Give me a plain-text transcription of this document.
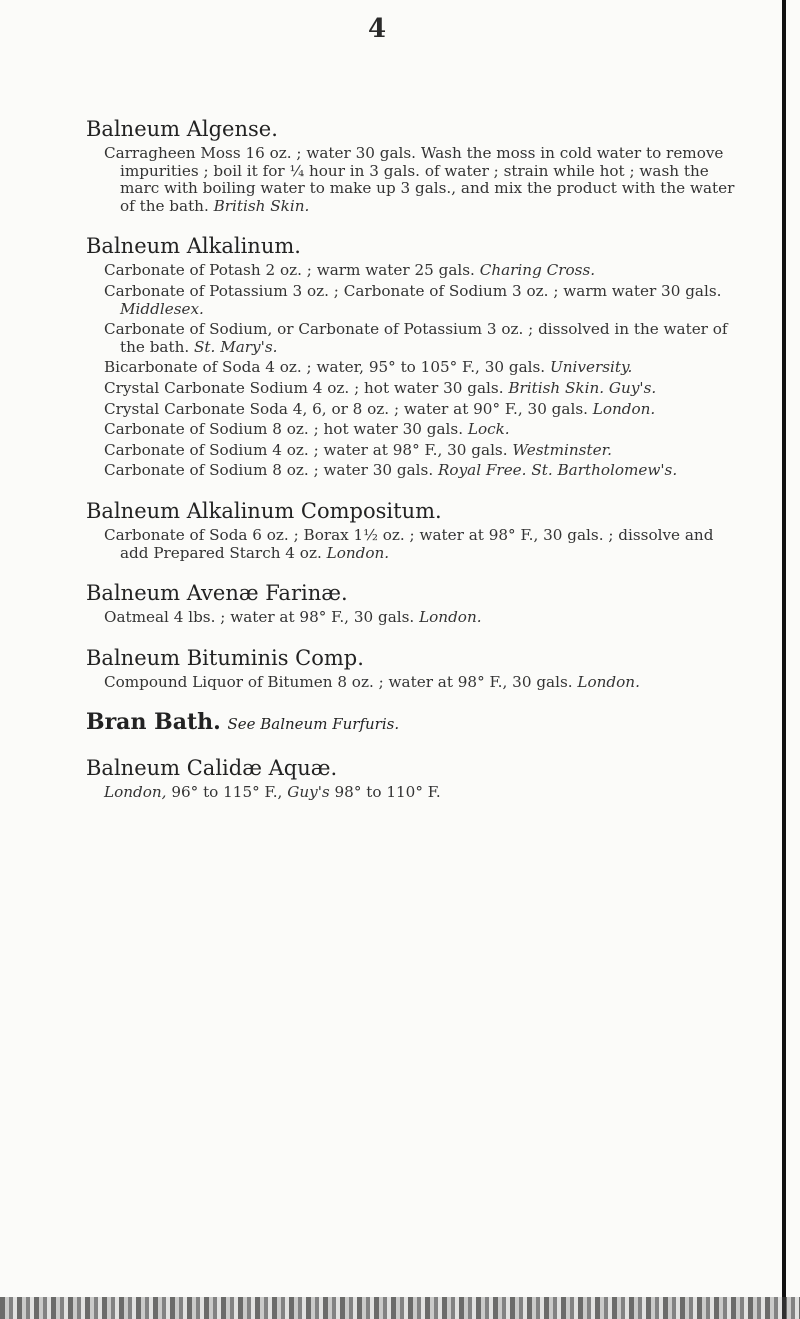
4
Balneum Algense.

Carragheen Moss 16 oz. ; water 30 gals. Wash the moss in cold water to remove impurities ; boil it for ¼ hour in 3 gals. of water ; strain while hot ; wash the marc with boiling water to make up 3 gals., and mix the product with the water of the bath. British Skin.

Balneum Alkalinum.

Carbonate of Potash 2 oz. ; warm water 25 gals. Charing Cross.

Carbonate of Potassium 3 oz. ; Carbonate of Sodium 3 oz. ; warm water 30 gals. Middlesex.

Carbonate of Sodium, or Carbonate of Potassium 3 oz. ; dissolved in the water of the bath. St. Mary's.

Bicarbonate of Soda 4 oz. ; water, 95° to 105° F., 30 gals. University.

Crystal Carbonate Sodium 4 oz. ; hot water 30 gals. British Skin. Guy's.

Crystal Carbonate Soda 4, 6, or 8 oz. ; water at 90° F., 30 gals. London.

Carbonate of Sodium 8 oz. ; hot water 30 gals. Lock.

Carbonate of Sodium 4 oz. ; water at 98° F., 30 gals. Westminster.

Carbonate of Sodium 8 oz. ; water 30 gals. Royal Free. St. Bartholomew's.

Balneum Alkalinum Compositum.

Carbonate of Soda 6 oz. ; Borax 1½ oz. ; water at 98° F., 30 gals. ; dissolve and add Prepared Starch 4 oz. London.

Balneum Avenæ Farinæ.

Oatmeal 4 lbs. ; water at 98° F., 30 gals. London.

Balneum Bituminis Comp.

Compound Liquor of Bitumen 8 oz. ; water at 98° F., 30 gals. London.

Bran Bath. See Balneum Furfuris.
Balneum Calidæ Aquæ.

London, 96° to 115° F., Guy's 98° to 110° F.
